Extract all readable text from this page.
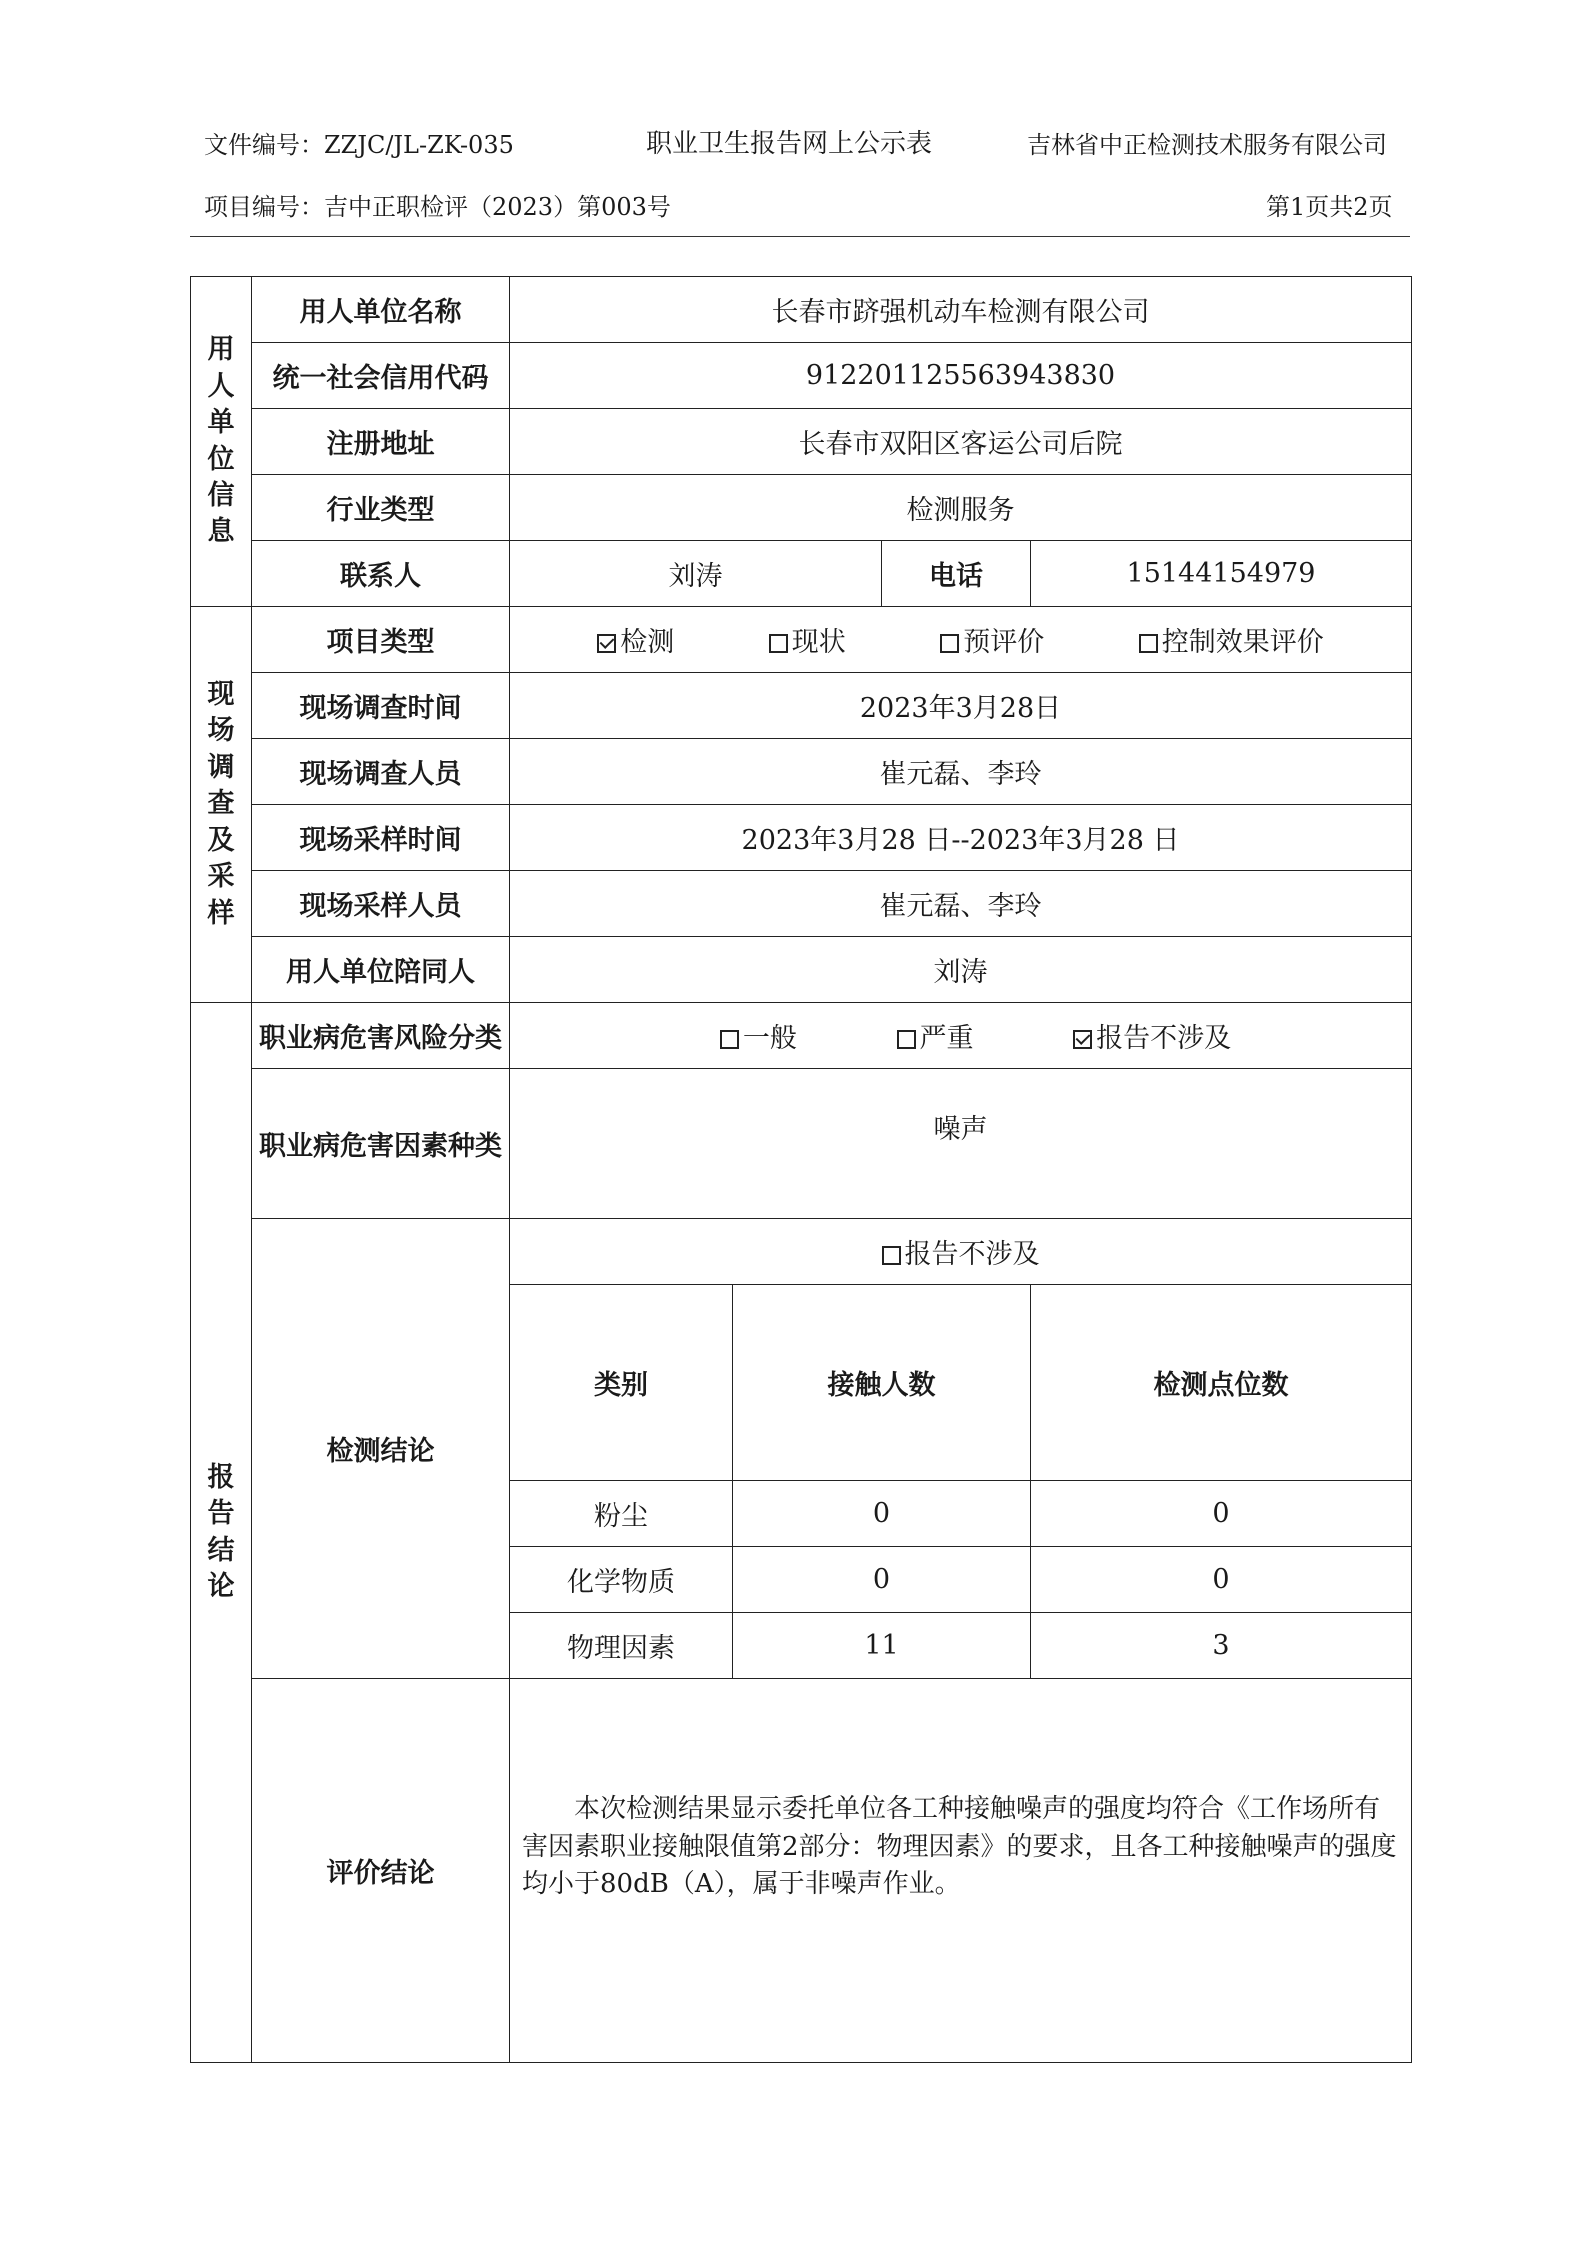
文件编号：ZZJC/JL-ZK-035	职业卫生报告网上公示表	吉林省中正检测技术服务有限公司
项目编号：吉中正职检评（2023）第003号	第1页共2页
用人单位信息	用人单位名称	长春市跻强机动车检测有限公司				
	统一社会信用代码	912201125563943830				
	注册地址	长春市双阳区客运公司后院				
	行业类型	检测服务				
	联系人	刘涛		电话	15144154979	
现场调查及采样	项目类型	检测 现状 预评价 控制效果评价				

	现场调查时间	2023年3月28日				
	现场调查人员	崔元磊、李玲				
	现场采样时间	2023年3月28 日--2023年3月28 日				
	现场采样人员	崔元磊、李玲				
	用人单位陪同人	刘涛				
报告结论	职业病危害风险分类	一般 严重 报告不涉及				

	职业病危害因素种类	噪声				
	检测结论	报告不涉及				
		类别	接触人数		检测点位数	
		粉尘	0		0	
		化学物质	0		0	
		物理因素	11		3	
	评价结论	本次检测结果显示委托单位各工种接触噪声的强度均符合《工作场所有害因素职业接触限值第2部分：物理因素》的要求，且各工种接触噪声的强度均小于80dB（A），属于非噪声作业。				
